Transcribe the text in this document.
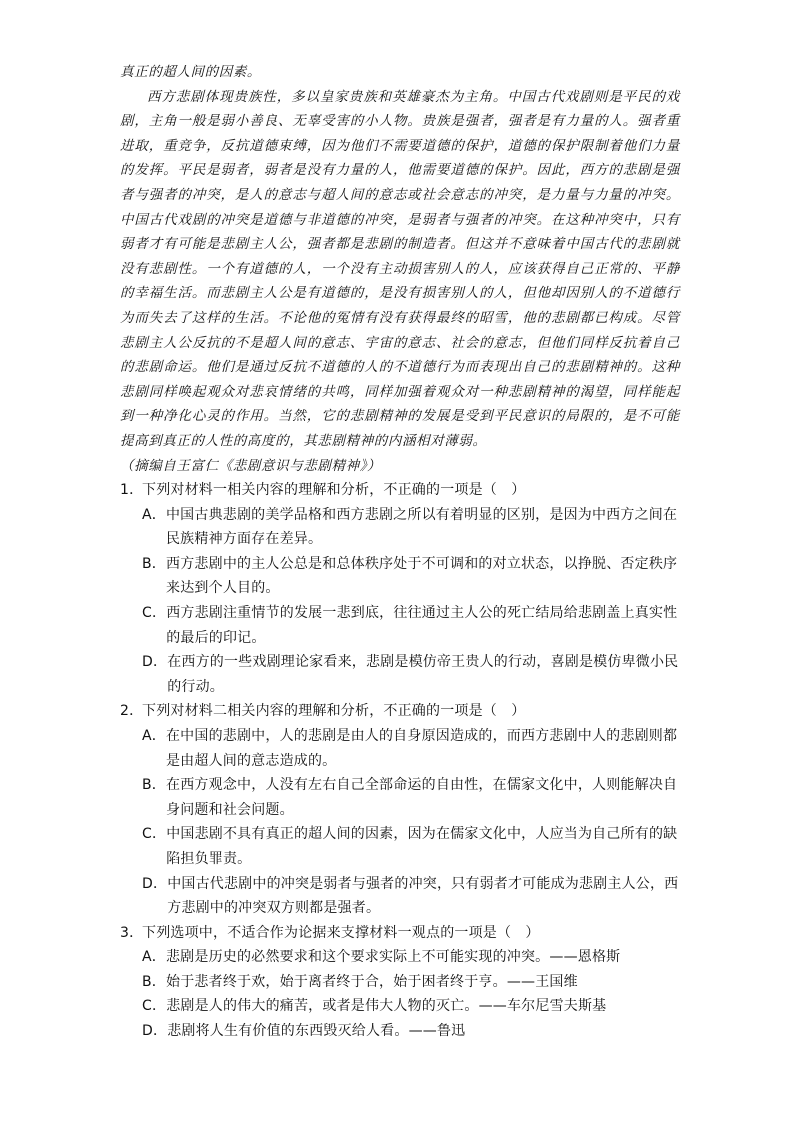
真正的超人间的因素。

西方悲剧体现贵族性，多以皇家贵族和英雄豪杰为主角。中国古代戏剧则是平民的戏剧，主角一般是弱小善良、无辜受害的小人物。贵族是强者，强者是有力量的人。强者重进取，重竞争，反抗道德束缚，因为他们不需要道德的保护，道德的保护限制着他们力量的发挥。平民是弱者，弱者是没有力量的人，他需要道德的保护。因此，西方的悲剧是强者与强者的冲突，是人的意志与超人间的意志或社会意志的冲突，是力量与力量的冲突。中国古代戏剧的冲突是道德与非道德的冲突，是弱者与强者的冲突。在这种冲突中，只有弱者才有可能是悲剧主人公，强者都是悲剧的制造者。但这并不意味着中国古代的悲剧就没有悲剧性。一个有道德的人，一个没有主动损害别人的人，应该获得自己正常的、平静的幸福生活。而悲剧主人公是有道德的，是没有损害别人的人，但他却因别人的不道德行为而失去了这样的生活。不论他的冤情有没有获得最终的昭雪，他的悲剧都已构成。尽管悲剧主人公反抗的不是超人间的意志、宇宙的意志、社会的意志，但他们同样反抗着自己的悲剧命运。他们是通过反抗不道德的人的不道德行为而表现出自己的悲剧精神的。这种悲剧同样唤起观众对悲哀情绪的共鸣，同样加强着观众对一种悲剧精神的渴望，同样能起到一种净化心灵的作用。当然，它的悲剧精神的发展是受到平民意识的局限的，是不可能提高到真正的人性的高度的，其悲剧精神的内涵相对薄弱。

（摘编自王富仁《悲剧意识与悲剧精神》）

1．
下列对材料一相关内容的理解和分析，不正确的一项是（　）
A． 中国古典悲剧的美学品格和西方悲剧之所以有着明显的区别，是因为中西方之间在民族精神方面存在差异。
B． 西方悲剧中的主人公总是和总体秩序处于不可调和的对立状态，以挣脱、否定秩序来达到个人目的。
C． 西方悲剧注重情节的发展一悲到底，往往通过主人公的死亡结局给悲剧盖上真实性的最后的印记。
D． 在西方的一些戏剧理论家看来，悲剧是模仿帝王贵人的行动，喜剧是模仿卑微小民的行动。
2．
下列对材料二相关内容的理解和分析，不正确的一项是（　）
A． 在中国的悲剧中，人的悲剧是由人的自身原因造成的，而西方悲剧中人的悲剧则都是由超人间的意志造成的。
B． 在西方观念中，人没有左右自己全部命运的自由性，在儒家文化中，人则能解决自身问题和社会问题。
C． 中国悲剧不具有真正的超人间的因素，因为在儒家文化中，人应当为自己所有的缺陷担负罪责。
D． 中国古代悲剧中的冲突是弱者与强者的冲突，只有弱者才可能成为悲剧主人公，西方悲剧中的冲突双方则都是强者。
3．
下列选项中，不适合作为论据来支撑材料一观点的一项是（　）
A． 悲剧是历史的必然要求和这个要求实际上不可能实现的冲突。——恩格斯
B． 始于悲者终于欢，始于离者终于合，始于困者终于亨。——王国维
C． 悲剧是人的伟大的痛苦，或者是伟大人物的灭亡。——车尔尼雪夫斯基
D． 悲剧将人生有价值的东西毁灭给人看。——鲁迅
